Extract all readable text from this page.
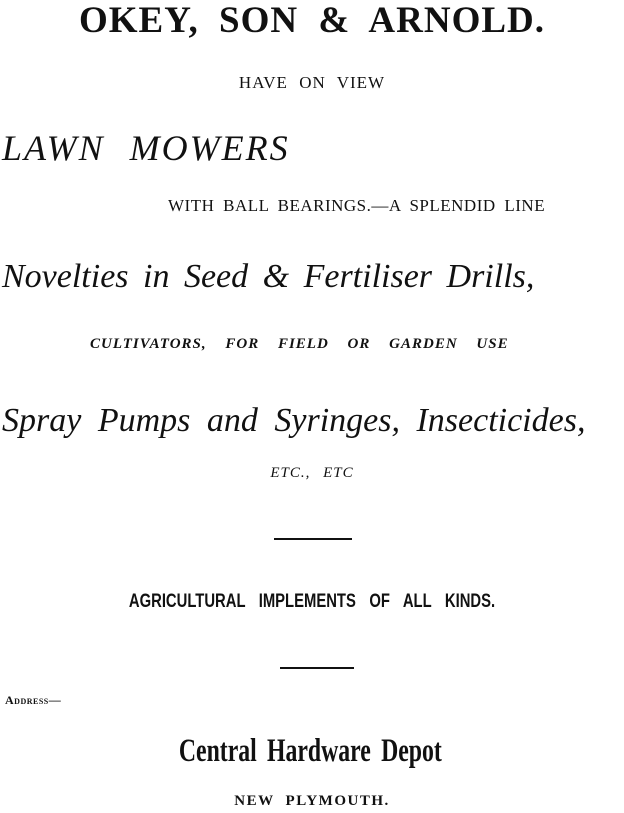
OKEY, SON & ARNOLD.
HAVE ON VIEW
LAWN MOWERS
WITH BALL BEARINGS.—A SPLENDID LINE
Novelties in Seed & Fertiliser Drills,
CULTIVATORS, FOR FIELD OR GARDEN USE
Spray Pumps and Syringes, Insecticides,
ETC., ETC
AGRICULTURAL IMPLEMENTS OF ALL KINDS.
Address—
Central Hardware Depot
NEW PLYMOUTH.
